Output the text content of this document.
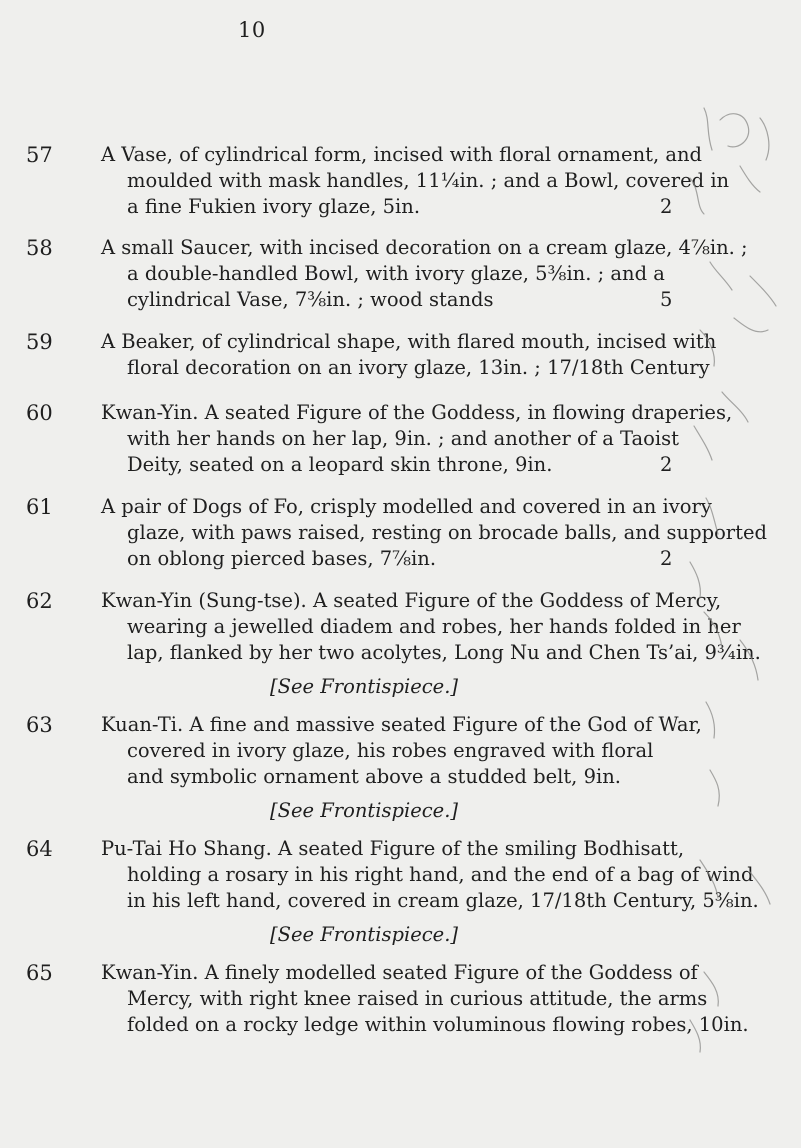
10
57 A Vase, of cylindrical form, incised with floral ornament, and
moulded with mask handles, 11¼in. ; and a Bowl, covered in
a fine Fukien ivory glaze, 5in.	2
58 A small Saucer, with incised decoration on a cream glaze, 4⅞in. ;
a double-handled Bowl, with ivory glaze, 5⅜in. ; and a
cylindrical Vase, 7⅜in. ; wood stands	5
59 A Beaker, of cylindrical shape, with flared mouth, incised with
floral decoration on an ivory glaze, 13in. ; 17/18th Century
60 Kwan-Yin. A seated Figure of the Goddess, in flowing draperies,
with her hands on her lap, 9in. ; and another of a Taoist
Deity, seated on a leopard skin throne, 9in.	2
61 A pair of Dogs of Fo, crisply modelled and covered in an ivory
glaze, with paws raised, resting on brocade balls, and supported
on oblong pierced bases, 7⅞in.	2
62 Kwan-Yin (Sung-tse). A seated Figure of the Goddess of Mercy,
wearing a jewelled diadem and robes, her hands folded in her
lap, flanked by her two acolytes, Long Nu and Chen Ts’ai, 9¾in.
[See Frontispiece.]
63 Kuan-Ti. A fine and massive seated Figure of the God of War,
covered in ivory glaze, his robes engraved with floral
and symbolic ornament above a studded belt, 9in.
[See Frontispiece.]
64 Pu-Tai Ho Shang. A seated Figure of the smiling Bodhisatt,
holding a rosary in his right hand, and the end of a bag of wind
in his left hand, covered in cream glaze, 17/18th Century, 5⅜in.
[See Frontispiece.]
65 Kwan-Yin. A finely modelled seated Figure of the Goddess of
Mercy, with right knee raised in curious attitude, the arms
folded on a rocky ledge within voluminous flowing robes, 10in.
